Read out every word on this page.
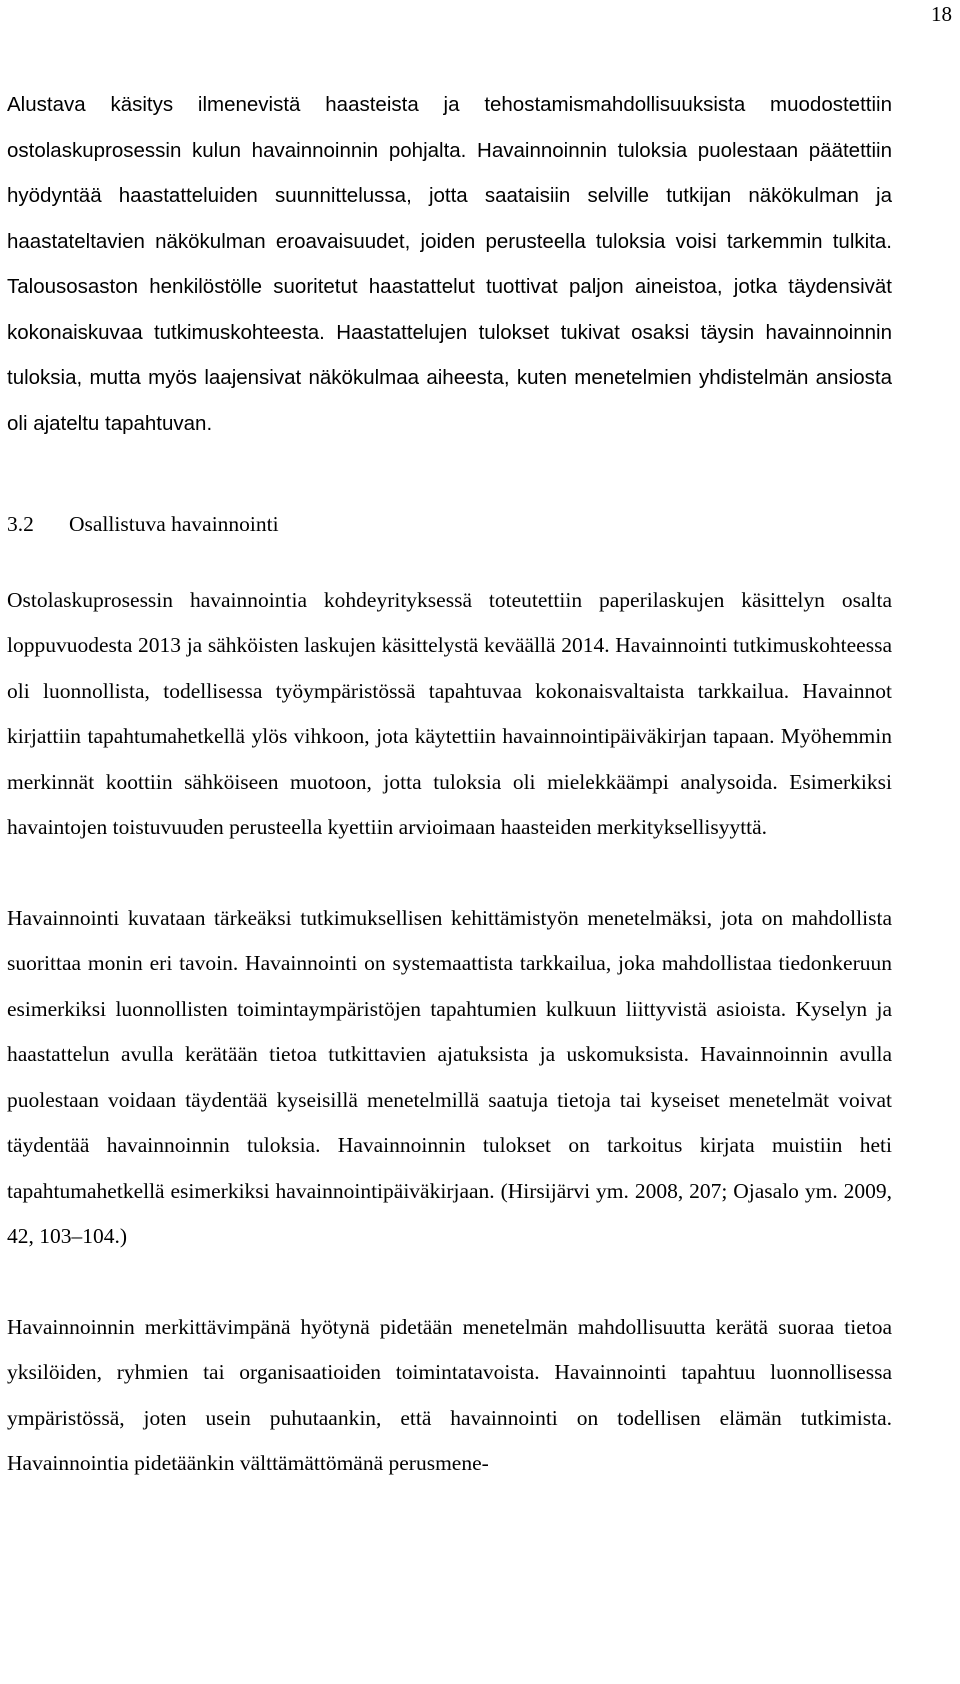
18

Alustava käsitys ilmenevistä haasteista ja tehostamismahdollisuuksista muodostettiin ostolaskuprosessin kulun havainnoinnin pohjalta. Havainnoinnin tuloksia puolestaan päätettiin hyödyntää haastatteluiden suunnittelussa, jotta saataisiin selville tutkijan näkökulman ja haastateltavien näkökulman eroavaisuudet, joiden perusteella tuloksia voisi tarkemmin tulkita. Talousosaston henkilöstölle suoritetut haastattelut tuottivat paljon aineistoa, jotka täydensivät kokonaiskuvaa tutkimuskohteesta. Haastattelujen tulokset tukivat osaksi täysin havainnoinnin tuloksia, mutta myös laajensivat näkökulmaa aiheesta, kuten menetelmien yhdistelmän ansiosta oli ajateltu tapahtuvan.

3.2 Osallistuva havainnointi

Ostolaskuprosessin havainnointia kohdeyrityksessä toteutettiin paperilaskujen käsittelyn osalta loppuvuodesta 2013 ja sähköisten laskujen käsittelystä keväällä 2014. Havainnointi tutkimuskohteessa oli luonnollista, todellisessa työympäristössä tapahtuvaa kokonaisvaltaista tarkkailua. Havainnot kirjattiin tapahtumahetkellä ylös vihkoon, jota käytettiin havainnointipäiväkirjan tapaan. Myöhemmin merkinnät koottiin sähköiseen muotoon, jotta tuloksia oli mielekkäämpi analysoida. Esimerkiksi havaintojen toistuvuuden perusteella kyettiin arvioimaan haasteiden merkityksellisyyttä.

Havainnointi kuvataan tärkeäksi tutkimuksellisen kehittämistyön menetelmäksi, jota on mahdollista suorittaa monin eri tavoin. Havainnointi on systemaattista tarkkailua, joka mahdollistaa tiedonkeruun esimerkiksi luonnollisten toimintaympäristöjen tapahtumien kulkuun liittyvistä asioista. Kyselyn ja haastattelun avulla kerätään tietoa tutkittavien ajatuksista ja uskomuksista. Havainnoinnin avulla puolestaan voidaan täydentää kyseisillä menetelmillä saatuja tietoja tai kyseiset menetelmät voivat täydentää havainnoinnin tuloksia. Havainnoinnin tulokset on tarkoitus kirjata muistiin heti tapahtumahetkellä esimerkiksi havainnointipäiväkirjaan. (Hirsijärvi ym. 2008, 207; Ojasalo ym. 2009, 42, 103–104.)

Havainnoinnin merkittävimpänä hyötynä pidetään menetelmän mahdollisuutta kerätä suoraa tietoa yksilöiden, ryhmien tai organisaatioiden toimintatavoista. Havainnointi tapahtuu luonnollisessa ympäristössä, joten usein puhutaankin, että havainnointi on todellisen elämän tutkimista. Havainnointia pidetäänkin välttämättömänä perusmene-
